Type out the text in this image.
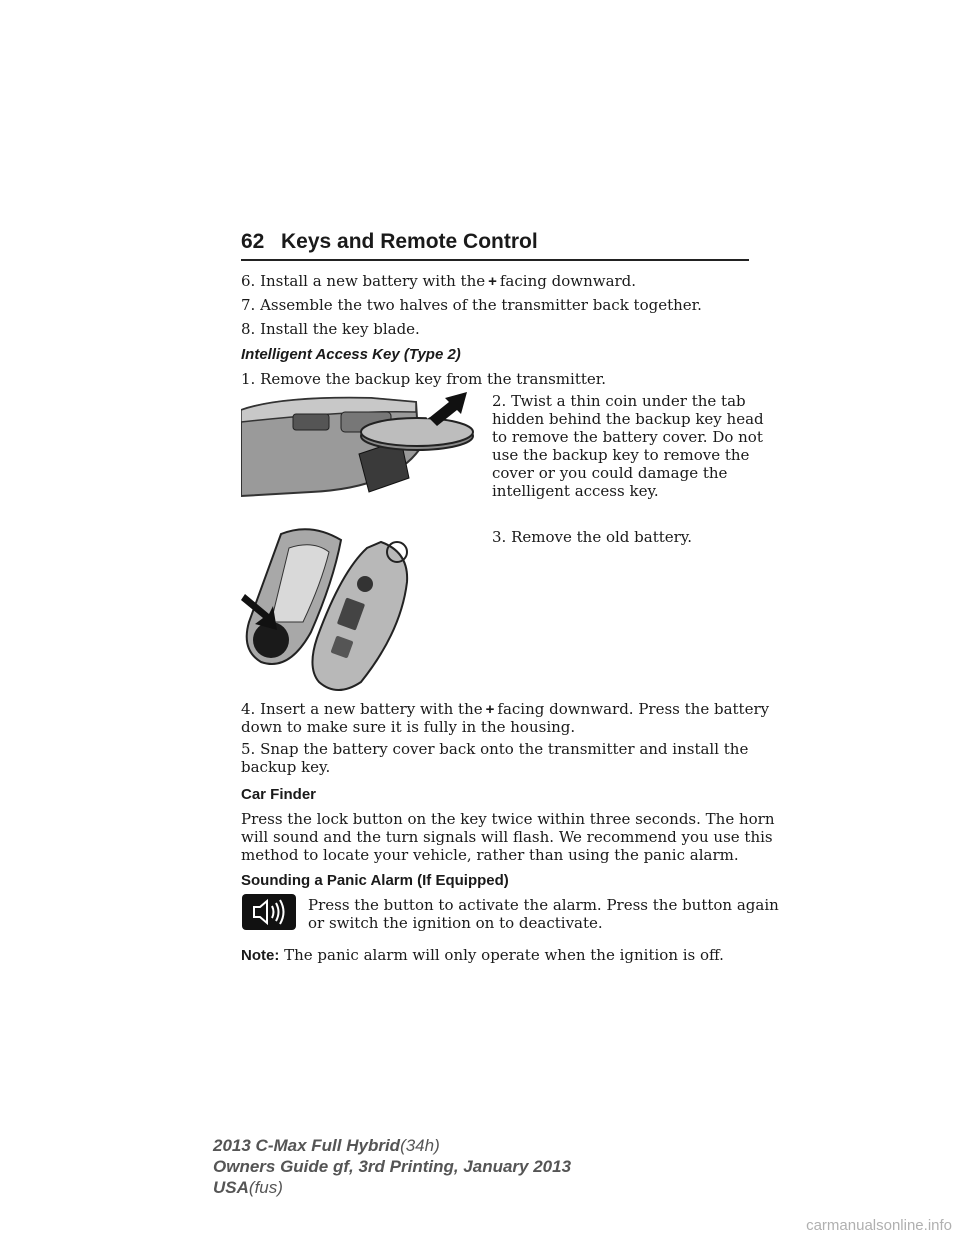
62 Keys and Remote Control
6. Install a new battery with the + facing downward.
7. Assemble the two halves of the transmitter back together.
8. Install the key blade.
Intelligent Access Key (Type 2)
1. Remove the backup key from the transmitter.
2. Twist a thin coin under the tab
hidden behind the backup key head
to remove the battery cover. Do not
use the backup key to remove the
cover or you could damage the
intelligent access key.
3. Remove the old battery.
4. Insert a new battery with the + facing downward. Press the battery
down to make sure it is fully in the housing.
5. Snap the battery cover back onto the transmitter and install the
backup key.
Car Finder
Press the lock button on the key twice within three seconds. The horn
will sound and the turn signals will flash. We recommend you use this
method to locate your vehicle, rather than using the panic alarm.
Sounding a Panic Alarm (If Equipped)
Press the button to activate the alarm. Press the button again
or switch the ignition on to deactivate.
Note: The panic alarm will only operate when the ignition is off.
2013 C-Max Full Hybrid(34h)
Owners Guide gf, 3rd Printing, January 2013
USA(fus)
carmanualsonline.info
